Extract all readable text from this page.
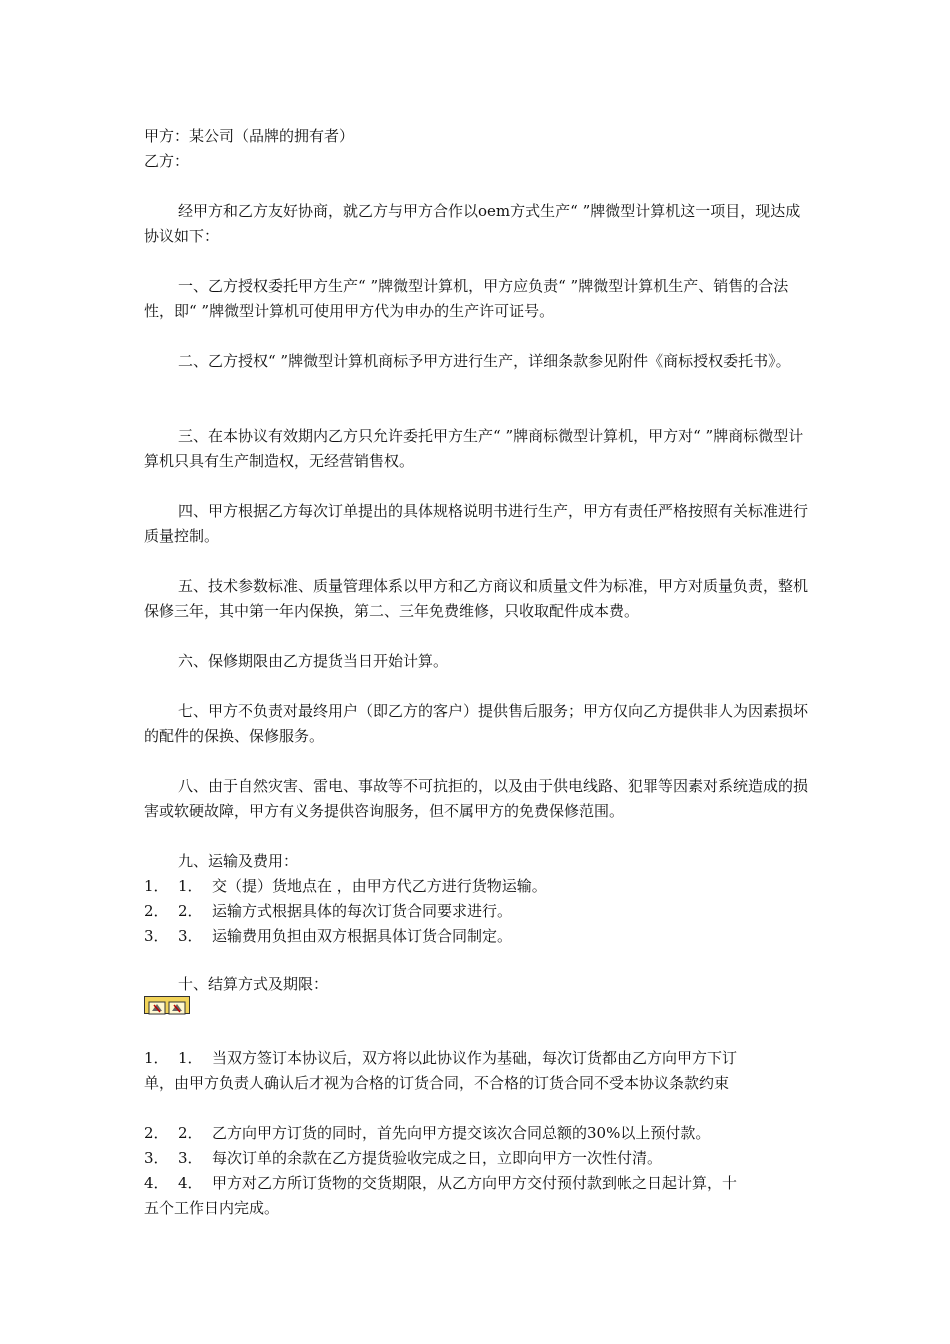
甲方：某公司（品牌的拥有者）
乙方：
经甲方和乙方友好协商，就乙方与甲方合作以oem方式生产“ ”牌微型计算机这一项目，现达成协议如下：
一、乙方授权委托甲方生产“ ”牌微型计算机，甲方应负责“ ”牌微型计算机生产、销售的合法性，即“ ”牌微型计算机可使用甲方代为申办的生产许可证号。
二、乙方授权“ ”牌微型计算机商标予甲方进行生产，详细条款参见附件《商标授权委托书》。
三、在本协议有效期内乙方只允许委托甲方生产“ ”牌商标微型计算机，甲方对“ ”牌商标微型计算机只具有生产制造权，无经营销售权。
四、甲方根据乙方每次订单提出的具体规格说明书进行生产，甲方有责任严格按照有关标准进行质量控制。
五、技术参数标准、质量管理体系以甲方和乙方商议和质量文件为标准，甲方对质量负责，整机保修三年，其中第一年内保换，第二、三年免费维修，只收取配件成本费。
六、保修期限由乙方提货当日开始计算。
七、甲方不负责对最终用户（即乙方的客户）提供售后服务；甲方仅向乙方提供非人为因素损坏的配件的保换、保修服务。
八、由于自然灾害、雷电、事故等不可抗拒的，以及由于供电线路、犯罪等因素对系统造成的损害或软硬故障，甲方有义务提供咨询服务，但不属甲方的免费保修范围。
九、运输及费用：
1． 1． 交（提）货地点在 ，由甲方代乙方进行货物运输。
2． 2． 运输方式根据具体的每次订货合同要求进行。
3． 3． 运输费用负担由双方根据具体订货合同制定。
十、结算方式及期限：
1． 1． 当双方签订本协议后，双方将以此协议作为基础，每次订货都由乙方向甲方下订
单，由甲方负责人确认后才视为合格的订货合同，不合格的订货合同不受本协议条款约束
2． 2． 乙方向甲方订货的同时，首先向甲方提交该次合同总额的30%以上预付款。
3． 3． 每次订单的余款在乙方提货验收完成之日，立即向甲方一次性付清。
4． 4． 甲方对乙方所订货物的交货期限，从乙方向甲方交付预付款到帐之日起计算，十
五个工作日内完成。
